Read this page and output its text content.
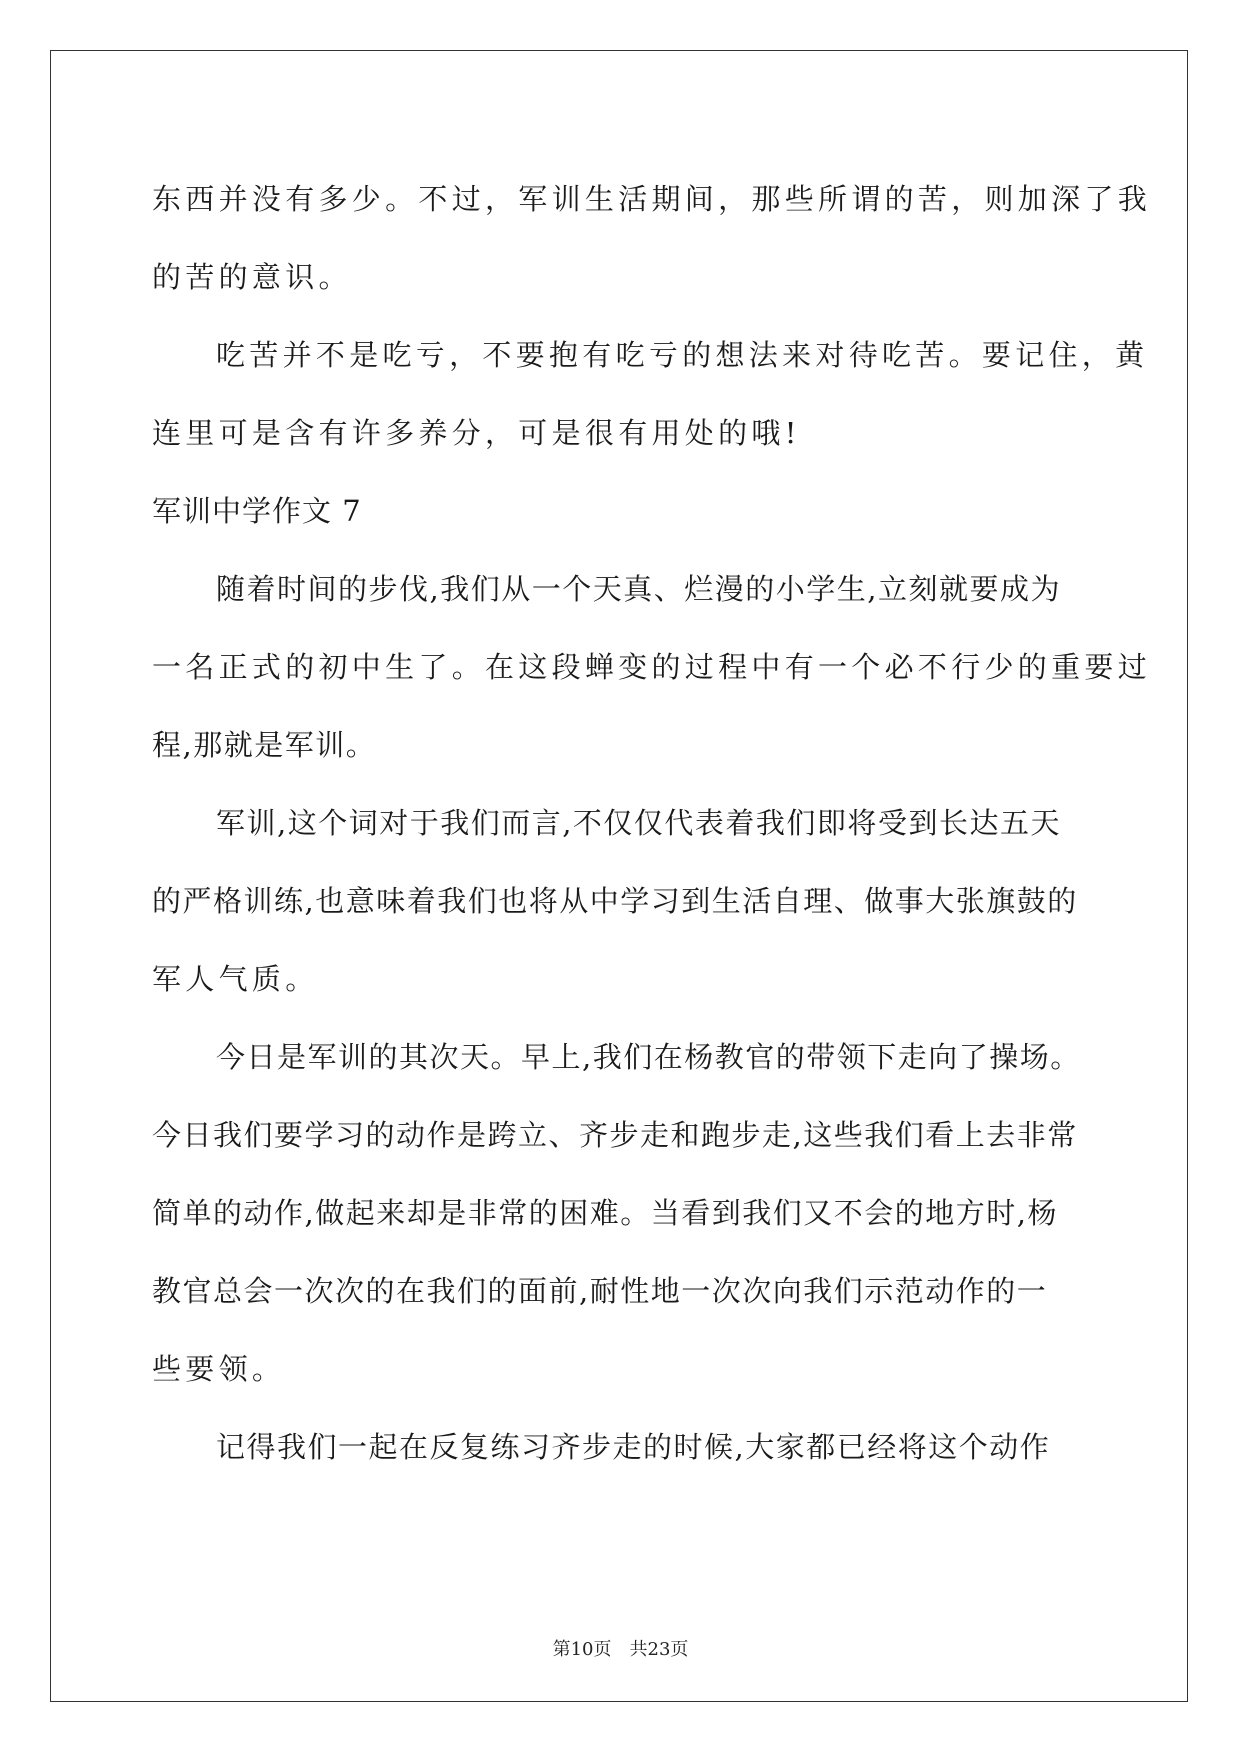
东西并没有多少。不过，军训生活期间，那些所谓的苦，则加深了我
的苦的意识。
吃苦并不是吃亏，不要抱有吃亏的想法来对待吃苦。要记住，黄
连里可是含有许多养分，可是很有用处的哦!
军训中学作文 7
随着时间的步伐,我们从一个天真、烂漫的小学生,立刻就要成为
一名正式的初中生了。在这段蝉变的过程中有一个必不行少的重要过
程,那就是军训。
军训,这个词对于我们而言,不仅仅代表着我们即将受到长达五天
的严格训练,也意味着我们也将从中学习到生活自理、做事大张旗鼓的
军人气质。
今日是军训的其次天。早上,我们在杨教官的带领下走向了操场。
今日我们要学习的动作是跨立、齐步走和跑步走,这些我们看上去非常
简单的动作,做起来却是非常的困难。当看到我们又不会的地方时,杨
教官总会一次次的在我们的面前,耐性地一次次向我们示范动作的一
些要领。
记得我们一起在反复练习齐步走的时候,大家都已经将这个动作
第10页 共23页
